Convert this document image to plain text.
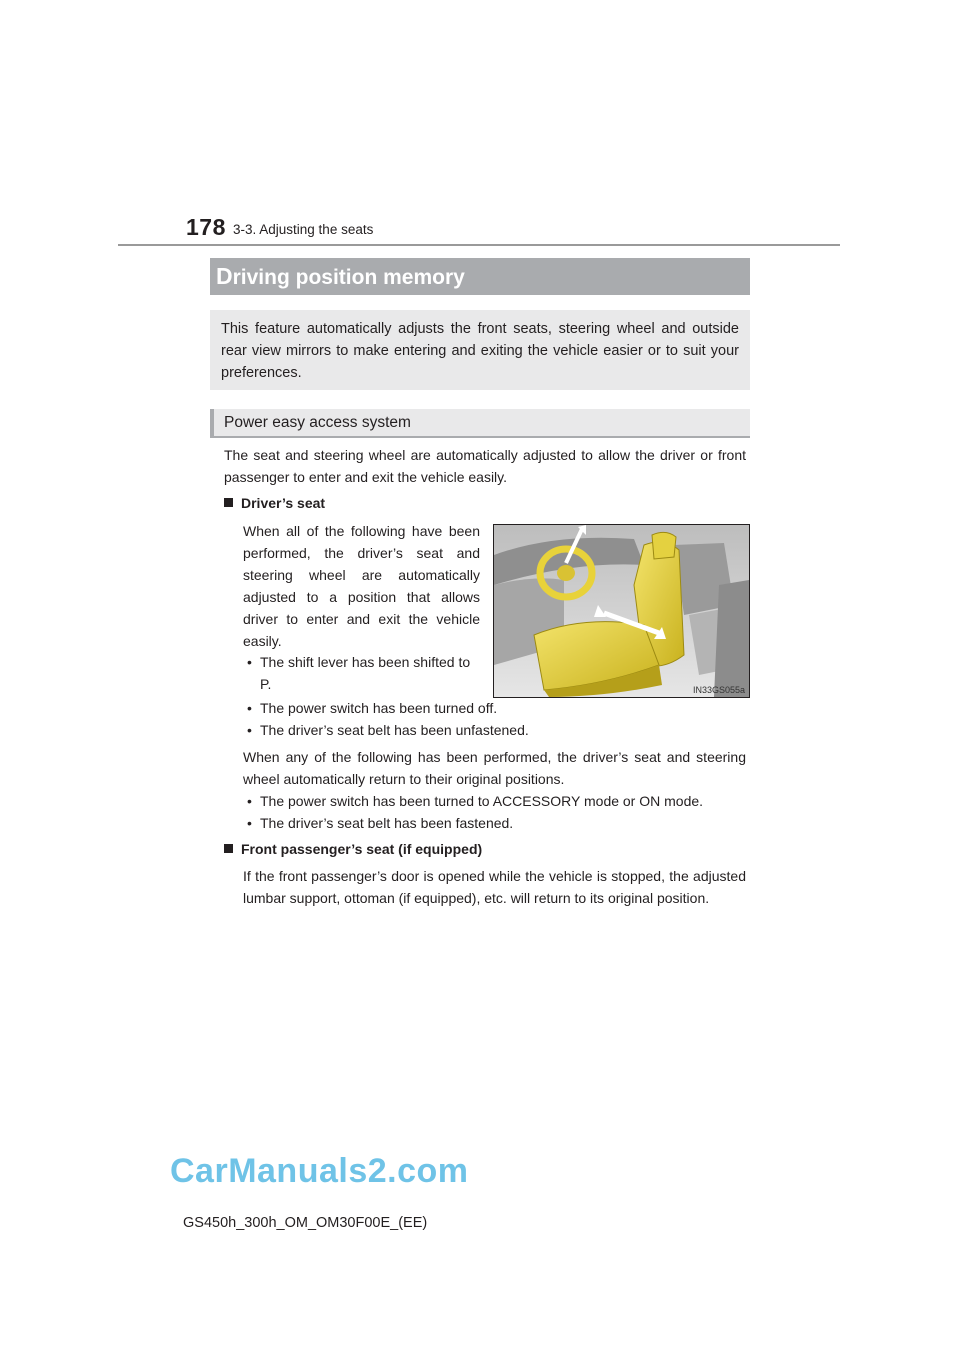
178 3-3. Adjusting the seats
Driving position memory
This feature automatically adjusts the front seats, steering wheel and outside rear view mirrors to make entering and exiting the vehicle easier or to suit your preferences.
Power easy access system
The seat and steering wheel are automatically adjusted to allow the driver or front passenger to enter and exit the vehicle easily.
Driver’s seat
When all of the following have been performed, the driver’s seat and steering wheel are automatically adjusted to a position that allows driver to enter and exit the vehicle easily.
• The shift lever has been shifted to P.
• The power switch has been turned off.
• The driver’s seat belt has been unfastened.
When any of the following has been performed, the driver’s seat and steering wheel automatically return to their original positions.
• The power switch has been turned to ACCESSORY mode or ON mode.
• The driver’s seat belt has been fastened.
Front passenger’s seat (if equipped)
If the front passenger’s door is opened while the vehicle is stopped, the adjusted lumbar support, ottoman (if equipped), etc. will return to its original position.
IN33GS055a
CarManuals2.com
GS450h_300h_OM_OM30F00E_(EE)
